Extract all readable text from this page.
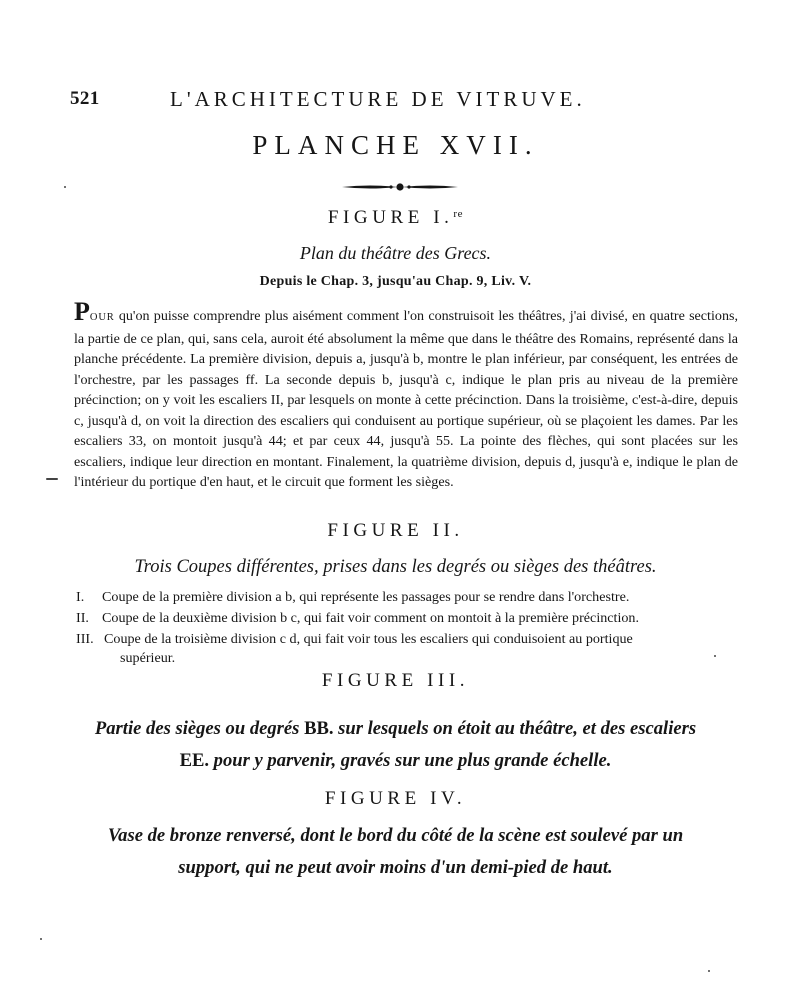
521	L'ARCHITECTURE DE VITRUVE.
PLANCHE XVII.
FIGURE I.$^{re}$
Plan du théâtre des Grecs.
Depuis le Chap. 3, jusqu'au Chap. 9, Liv. V.
POUR qu'on puisse comprendre plus aisément comment l'on construisoit les théâtres, j'ai divisé, en quatre sections, la partie de ce plan, qui, sans cela, auroit été absolument la même que dans le théâtre des Romains, représenté dans la planche précédente. La première division, depuis a, jusqu'à b, montre le plan inférieur, par conséquent, les entrées de l'orchestre, par les passages ff. La seconde depuis b, jusqu'à c, indique le plan pris au niveau de la première précinction; on y voit les escaliers II, par lesquels on monte à cette précinction. Dans la troisième, c'est-à-dire, depuis c, jusqu'à d, on voit la direction des escaliers qui conduisent au portique supérieur, où se plaçoient les dames. Par les escaliers 33, on montoit jusqu'à 44; et par ceux 44, jusqu'à 55. La pointe des flèches, qui sont placées sur les escaliers, indique leur direction en montant. Finalement, la quatrième division, depuis d, jusqu'à e, indique le plan de l'intérieur du portique d'en haut, et le circuit que forment les sièges.
FIGURE II.
Trois Coupes différentes, prises dans les degrés ou sièges des théâtres.
I. Coupe de la première division a b, qui représente les passages pour se rendre dans l'orchestre.
II. Coupe de la deuxième division b c, qui fait voir comment on montoit à la première précinction.
III. Coupe de la troisième division c d, qui fait voir tous les escaliers qui conduisoient au portique
supérieur.
FIGURE III.
Partie des sièges ou degrés BB. sur lesquels on étoit au théâtre, et des escaliers
EE. pour y parvenir, gravés sur une plus grande échelle.
FIGURE IV.
Vase de bronze renversé, dont le bord du côté de la scène est soulevé par un
support, qui ne peut avoir moins d'un demi-pied de haut.
